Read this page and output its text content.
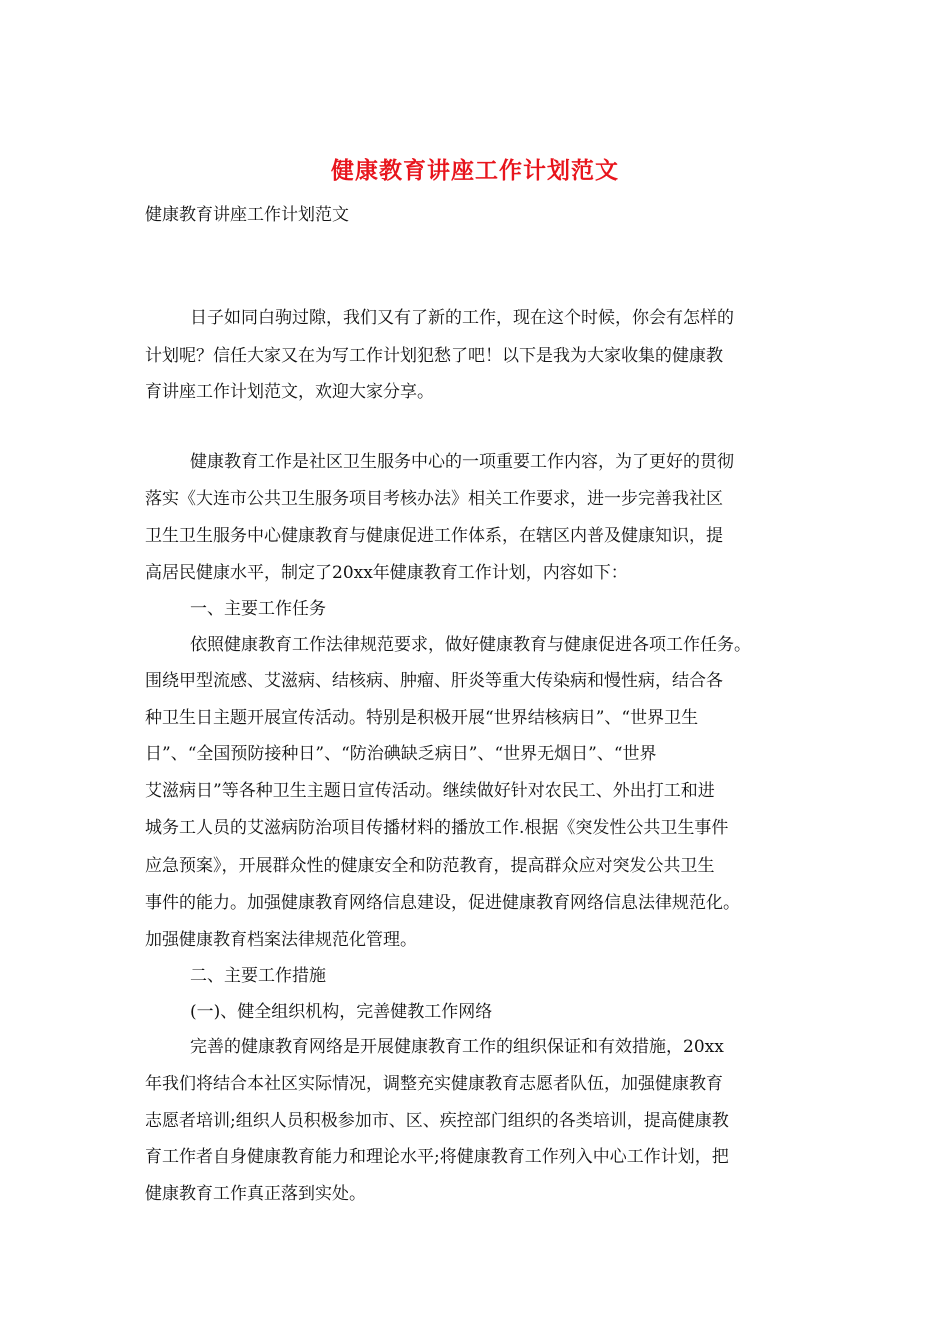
健康教育讲座工作计划范文

健康教育讲座工作计划范文

日子如同白驹过隙，我们又有了新的工作，现在这个时候，你会有怎样的

计划呢？信任大家又在为写工作计划犯愁了吧！以下是我为大家收集的健康教

育讲座工作计划范文，欢迎大家分享。

健康教育工作是社区卫生服务中心的一项重要工作内容，为了更好的贯彻

落实《大连市公共卫生服务项目考核办法》相关工作要求，进一步完善我社区

卫生卫生服务中心健康教育与健康促进工作体系，在辖区内普及健康知识，提

高居民健康水平，制定了20xx年健康教育工作计划，内容如下：

一、主要工作任务

依照健康教育工作法律规范要求，做好健康教育与健康促进各项工作任务。

围绕甲型流感、艾滋病、结核病、肿瘤、肝炎等重大传染病和慢性病，结合各

种卫生日主题开展宣传活动。特别是积极开展“世界结核病日”、“世界卫生

日”、“全国预防接种日”、“防治碘缺乏病日”、“世界无烟日”、“世界

艾滋病日”等各种卫生主题日宣传活动。继续做好针对农民工、外出打工和进

城务工人员的艾滋病防治项目传播材料的播放工作.根据《突发性公共卫生事件

应急预案》，开展群众性的健康安全和防范教育，提高群众应对突发公共卫生

事件的能力。加强健康教育网络信息建设，促进健康教育网络信息法律规范化。

加强健康教育档案法律规范化管理。

二、主要工作措施

(一)、健全组织机构，完善健教工作网络

完善的健康教育网络是开展健康教育工作的组织保证和有效措施，20xx

年我们将结合本社区实际情况，调整充实健康教育志愿者队伍，加强健康教育

志愿者培训;组织人员积极参加市、区、疾控部门组织的各类培训，提高健康教

育工作者自身健康教育能力和理论水平;将健康教育工作列入中心工作计划，把

健康教育工作真正落到实处。
